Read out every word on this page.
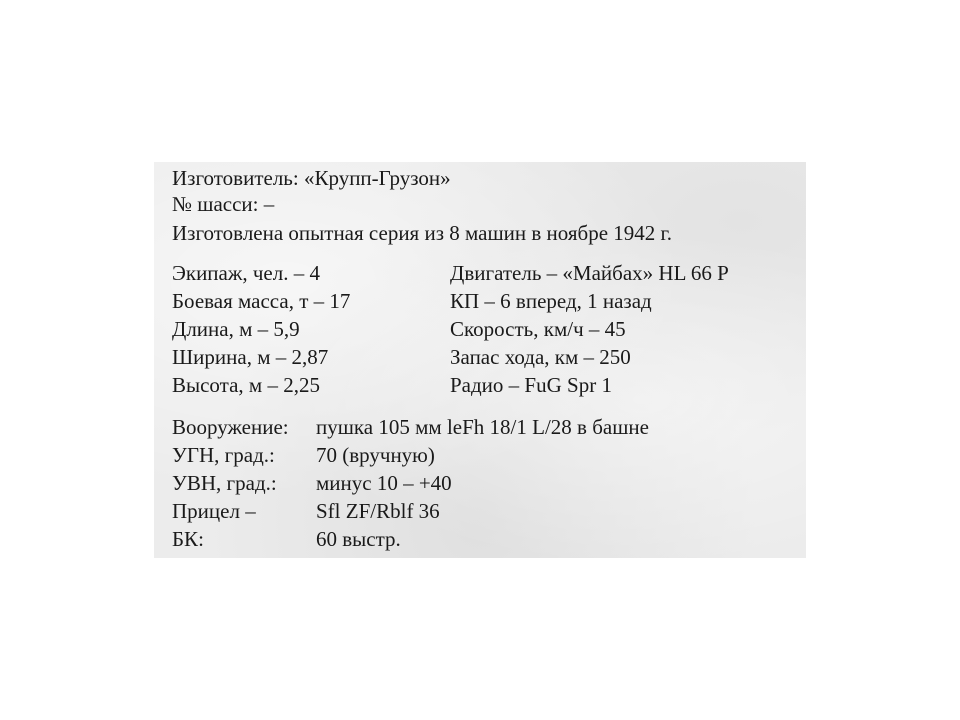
Изготовитель: «Крупп-Грузон»
№ шасси: –
Изготовлена опытная серия из 8 машин в ноябре 1942 г.
Экипаж, чел. – 4
Боевая масса, т – 17
Длина, м – 5,9
Ширина, м – 2,87
Высота, м – 2,25
Двигатель – «Майбах» HL 66 P
КП – 6 вперед, 1 назад
Скорость, км/ч – 45
Запас хода, км – 250
Радио – FuG Spr 1
Вооружение: пушка 105 мм leFh 18/1 L/28 в башне
УГН, град.: 70 (вручную)
УВН, град.: минус 10 – +40
Прицел –	Sfl ZF/Rblf 36
БК:	60 выстр.
